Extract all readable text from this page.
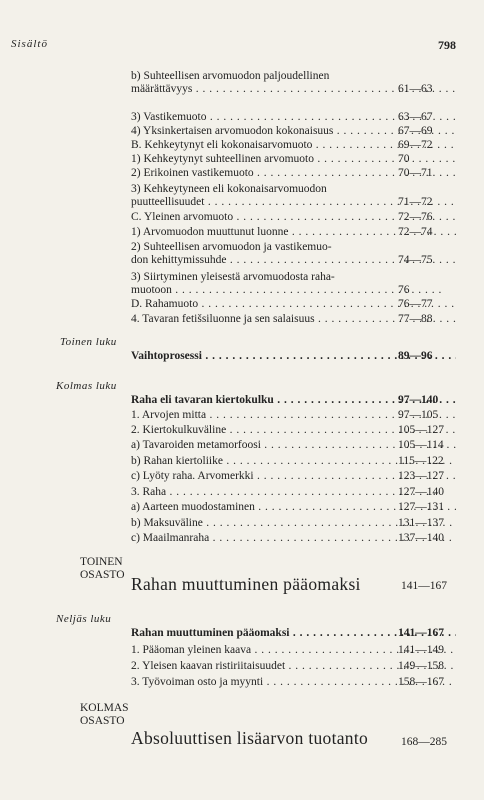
Sisältö	798
b) Suhteellisen arvomuodon paljoudellinen
määrättävyys . . .	61—63
3) Vastikemuoto . . .	63—67
4) Yksinkertaisen arvomuodon kokonaisuus . . .	67—69
B. Kehkeytynyt eli kokonaisarvomuoto . . .	69—72
1) Kehkeytynyt suhteellinen arvomuoto . . .	70
2) Erikoinen vastikemuoto . . .	70—71
3) Kehkeytyneen eli kokonaisarvomuodon
puutteellisuudet . . .	71—72
C. Yleinen arvomuoto . . .	72—76
1) Arvomuodon muuttunut luonne . . .	72—74
2) Suhteellisen arvomuodon ja vastikemuo-
don kehittymissuhde . . .	74—75
3) Siirtyminen yleisestä arvomuodosta raha-
muotoon . . .	76
D. Rahamuoto . . .	76—77
4. Tavaran fetišsiluonne ja sen salaisuus . . .	77—88
Vaihtoprosessi . . .	89—96
Raha eli tavaran kiertokulku . . .	97—140
1. Arvojen mitta . . .	97—105
2. Kiertokulkuväline . . .	105—127
a) Tavaroiden metamorfoosi . . .	105—114
b) Rahan kiertoliike . . .	115—122
c) Lyöty raha. Arvomerkki . . .	123—127
3. Raha . . .	127—140
a) Aarteen muodostaminen . . .	127—131
b) Maksuväline . . .	131—137
c) Maailmanraha . . .	137—140
Rahan muuttuminen pääomaksi . . .	141—167
1. Pääoman yleinen kaava . . .	141—149
2. Yleisen kaavan ristiriitaisuudet . . .	149—158
3. Työvoiman osto ja myynti . . .	158—167
Toinen luku
Kolmas luku
Neljäs luku
TOINEN
OSASTO Rahan muuttuminen pääomaksi	141—167
KOLMAS
OSASTO
Absoluuttisen lisäarvon tuotanto	168—285
